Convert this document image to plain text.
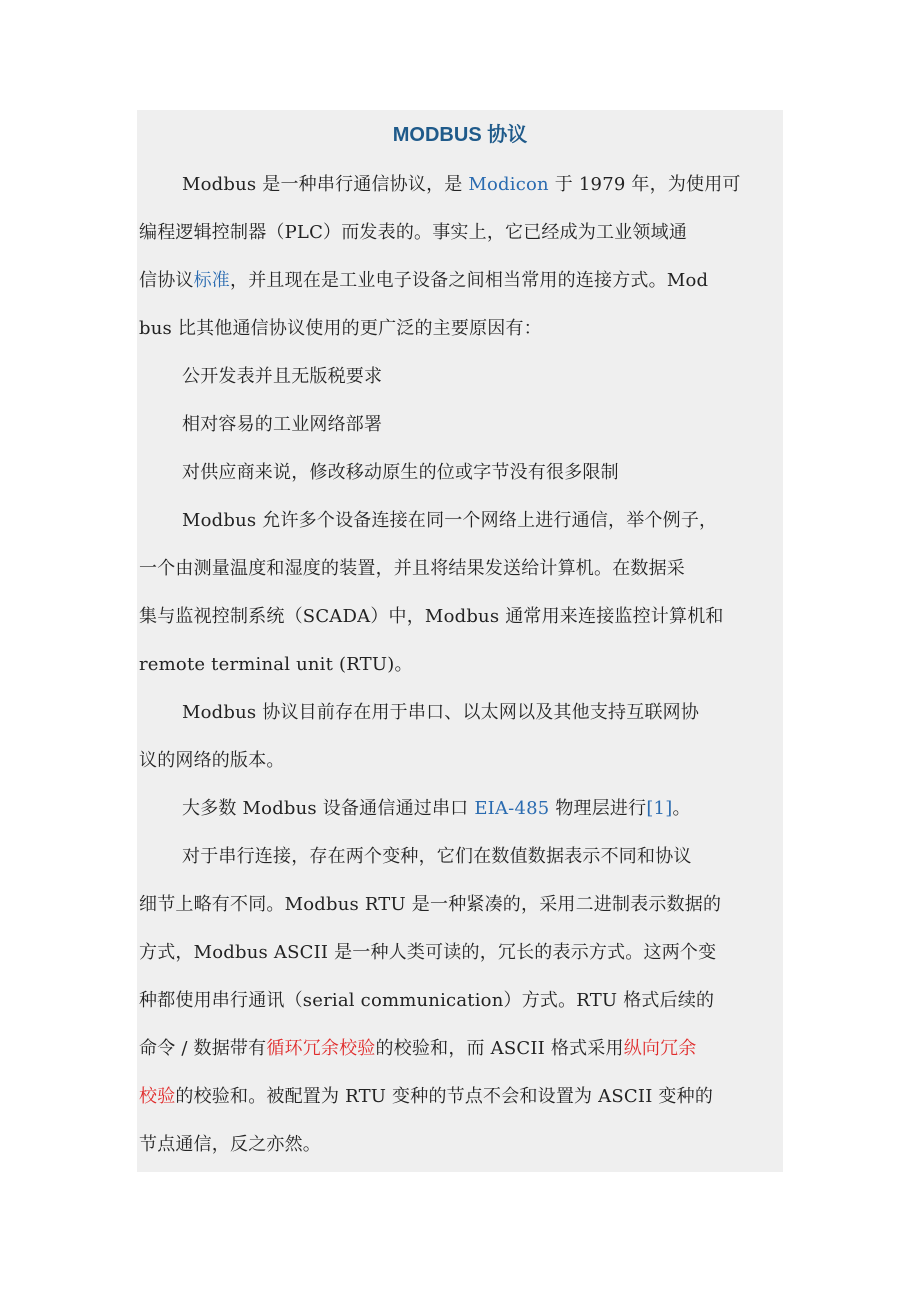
MODBUS 协议
Modbus 是一种串行通信协议，是 Modicon 于 1979 年，为使用可
编程逻辑控制器（PLC）而发表的。事实上，它已经成为工业领域通
信协议标准，并且现在是工业电子设备之间相当常用的连接方式。Mod
bus 比其他通信协议使用的更广泛的主要原因有：
公开发表并且无版税要求
相对容易的工业网络部署
对供应商来说，修改移动原生的位或字节没有很多限制
Modbus 允许多个设备连接在同一个网络上进行通信，举个例子，
一个由测量温度和湿度的装置，并且将结果发送给计算机。在数据采
集与监视控制系统（SCADA）中，Modbus 通常用来连接监控计算机和
remote terminal unit (RTU)。
Modbus 协议目前存在用于串口、以太网以及其他支持互联网协
议的网络的版本。
大多数 Modbus 设备通信通过串口 EIA-485 物理层进行[1]。
对于串行连接，存在两个变种，它们在数值数据表示不同和协议
细节上略有不同。Modbus RTU 是一种紧凑的，采用二进制表示数据的
方式，Modbus ASCII 是一种人类可读的，冗长的表示方式。这两个变
种都使用串行通讯（serial communication）方式。RTU 格式后续的
命令 / 数据带有循环冗余校验的校验和，而 ASCII 格式采用纵向冗余
校验的校验和。被配置为 RTU 变种的节点不会和设置为 ASCII 变种的
节点通信，反之亦然。
